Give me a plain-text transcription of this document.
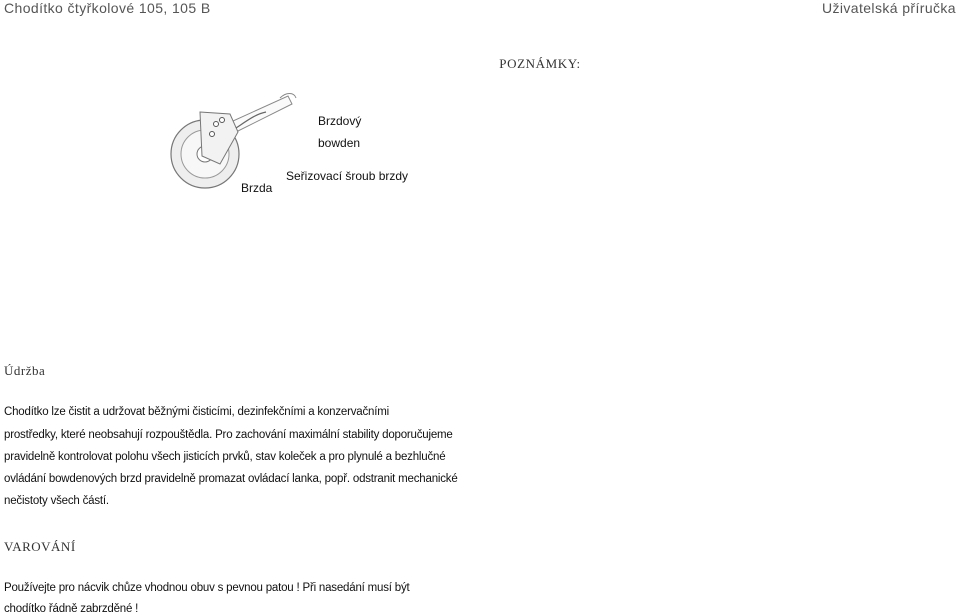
Chodítko čtyřkolové 105, 105 B	Uživatelská příručka
POZNÁMKY:
Brzdový
bowden
Seřizovací šroub brzdy
Brzda
Údržba
Chodítko lze čistit a udržovat běžnými čisticími, dezinfekčními a konzervačními
prostředky, které neobsahují rozpouštědla. Pro zachování maximální stability doporučujeme
pravidelně kontrolovat polohu všech jisticích prvků, stav koleček a pro plynulé a bezhlučné
ovládání bowdenových brzd pravidelně promazat ovládací lanka, popř. odstranit mechanické
nečistoty všech částí.
VAROVÁNÍ
Používejte pro nácvik chůze vhodnou obuv s pevnou patou ! Při nasedání musí být
chodítko řádně zabrzděné !
